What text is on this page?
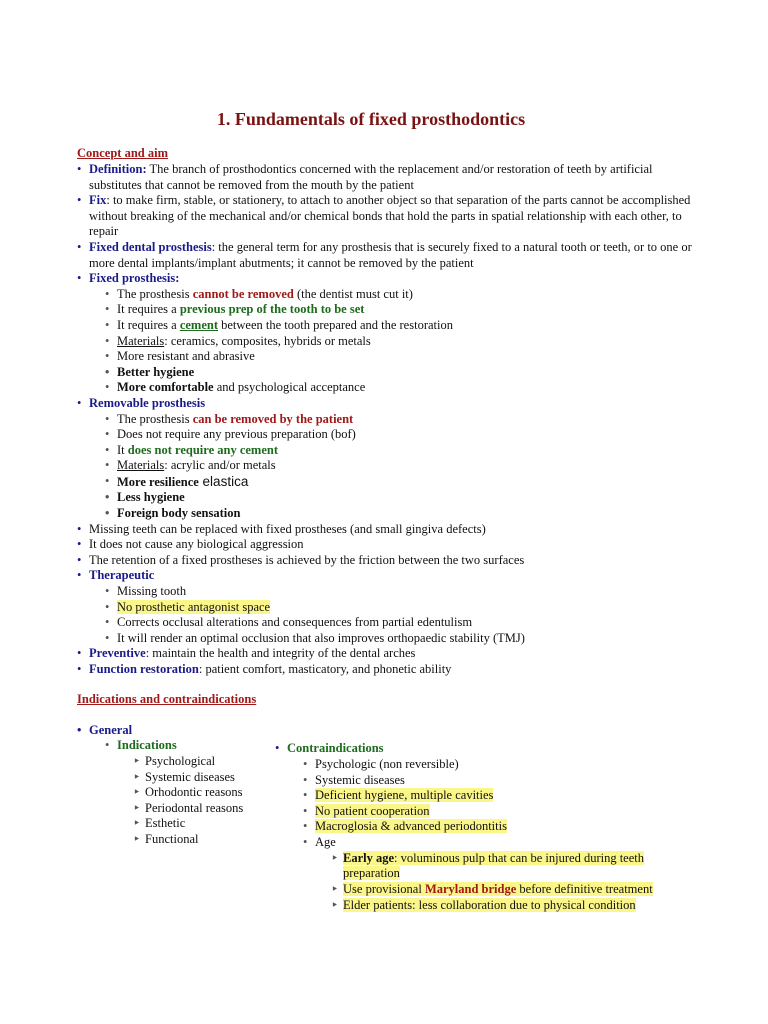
1. Fundamentals of fixed prosthodontics
Concept and aim
• Definition: The branch of prosthodontics concerned with the replacement and/or restoration of teeth by artificial substitutes that cannot be removed from the mouth by the patient
• Fix: to make firm, stable, or stationery, to attach to another object so that separation of the parts cannot be accomplished without breaking of the mechanical and/or chemical bonds that hold the parts in spatial relationship with each other, to repair
• Fixed dental prosthesis: the general term for any prosthesis that is securely fixed to a natural tooth or teeth, or to one or more dental implants/implant abutments; it cannot be removed by the patient
• Fixed prosthesis:
• The prosthesis cannot be removed (the dentist must cut it)
• It requires a previous prep of the tooth to be set
• It requires a cement between the tooth prepared and the restoration
• Materials: ceramics, composites, hybrids or metals
• More resistant and abrasive
• Better hygiene
• More comfortable and psychological acceptance
• Removable prosthesis
• The prosthesis can be removed by the patient
• Does not require any previous preparation (bof)
• It does not require any cement
• Materials: acrylic and/or metals
• More resilience elastica
• Less hygiene
• Foreign body sensation
• Missing teeth can be replaced with fixed prostheses (and small gingiva defects)
• It does not cause any biological aggression
• The retention of a fixed prostheses is achieved by the friction between the two surfaces
• Therapeutic
• Missing tooth
• No prosthetic antagonist space
• Corrects occlusal alterations and consequences from partial edentulism
• It will render an optimal occlusion that also improves orthopaedic stability (TMJ)
• Preventive: maintain the health and integrity of the dental arches
• Function restoration: patient comfort, masticatory, and phonetic ability
Indications and contraindications
• General
• Indications
‣ Psychological
‣ Systemic diseases
‣ Orhodontic reasons
‣ Periodontal reasons
‣ Esthetic
‣ Functional
• Contraindications
• Psychologic (non reversible)
• Systemic diseases
• Deficient hygiene, multiple cavities
• No patient cooperation
• Macroglosia & advanced periodontitis
• Age
‣ Early age: voluminous pulp that can be injured during teeth
preparation
‣ Use provisional Maryland bridge before definitive treatment
‣ Elder patients: less collaboration due to physical condition
